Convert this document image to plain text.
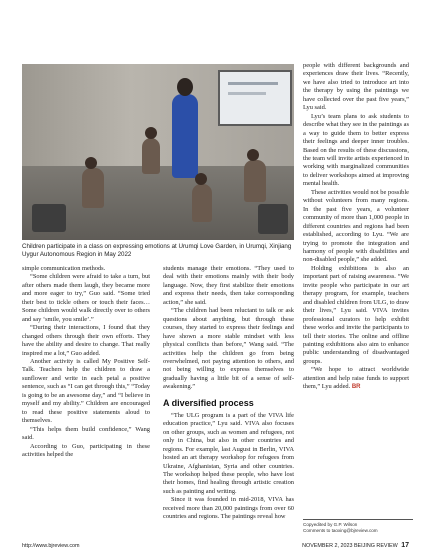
Children participate in a class on expressing emotions at Urumqi Love Garden, in Urumqi, Xinjiang Uygur Autonomous Region in May 2022

simple communication methods.

“Some children were afraid to take a turn, but after others made them laugh, they became more and more eager to try,” Guo said. “Some tried their best to tickle others or touch their faces… Some children would walk directly over to others and say ‘smile, you smile’.”

“During their interactions, I found that they changed others through their own efforts. They have the ability and desire to change. That really inspired me a lot,” Guo added.

Another activity is called My Positive Self-Talk. Teachers help the children to draw a sunflower and write in each petal a positive sentence, such as “I can get through this,” “Today is going to be an awesome day,” and “I believe in myself and my ability.” Children are encouraged to read these positive statements aloud to themselves.

“This helps them build confidence,” Wang said.

According to Guo, participating in these activities helped the

students manage their emotions. “They used to deal with their emotions mainly with their body language. Now, they first stabilize their emotions and express their needs, then take corresponding action,” she said.

“The children had been reluctant to talk or ask questions about anything, but through these courses, they started to express their feelings and have shown a more stable mindset with less physical conflicts than before,” Wang said. “The activities help the children go from being overwhelmed, not paying attention to others, and not being willing to express themselves to gradually having a little bit of a sense of self-awakening.”

A diversified process

“The ULG program is a part of the VIVA life education practice,” Lyu said. VIVA also focuses on other groups, such as women and refugees, not only in China, but also in other countries and regions. For example, last August in Berlin, VIVA hosted an art therapy workshop for refugees from Ukraine, Afghanistan, Syria and other countries. The workshop helped these people, who have lost their homes, find healing through artistic creation such as painting and writing.

Since it was founded in mid-2018, VIVA has received more than 20,000 paintings from over 60 countries and regions. The paintings reveal how

people with different backgrounds and experiences draw their lives. “Recently, we have also tried to introduce art into the therapy by using the paintings we have collected over the past five years,” Lyu said.

Lyu’s team plans to ask students to describe what they see in the paintings as a way to guide them to better express their feelings and deeper inner troubles. Based on the results of these discussions, the team will invite artists experienced in working with marginalized communities to deliver workshops aimed at improving mental health.

These activities would not be possible without volunteers from many regions. In the past five years, a volunteer community of more than 1,000 people in different countries and regions had been established, according to Lyu. “We are trying to promote the integration and harmony of people with disabilities and non-disabled people,” she added.

Holding exhibitions is also an important part of raising awareness. “We invite people who participate in our art therapy program, for example, teachers and disabled children from ULG, to draw their lives,” Lyu said. VIVA invites professional curators to help exhibit these works and invite the participants to tell their stories. The online and offline painting exhibitions also aim to enhance public understanding of disadvantaged groups.

“We hope to attract worldwide attention and help raise funds to support them,” Lyu added. BR

Copyedited by G.P. Wilson
Comments to taoxing@bjreview.com
http://www.bjreview.com	NOVEMBER 2, 2023 BEIJING REVIEW 17
